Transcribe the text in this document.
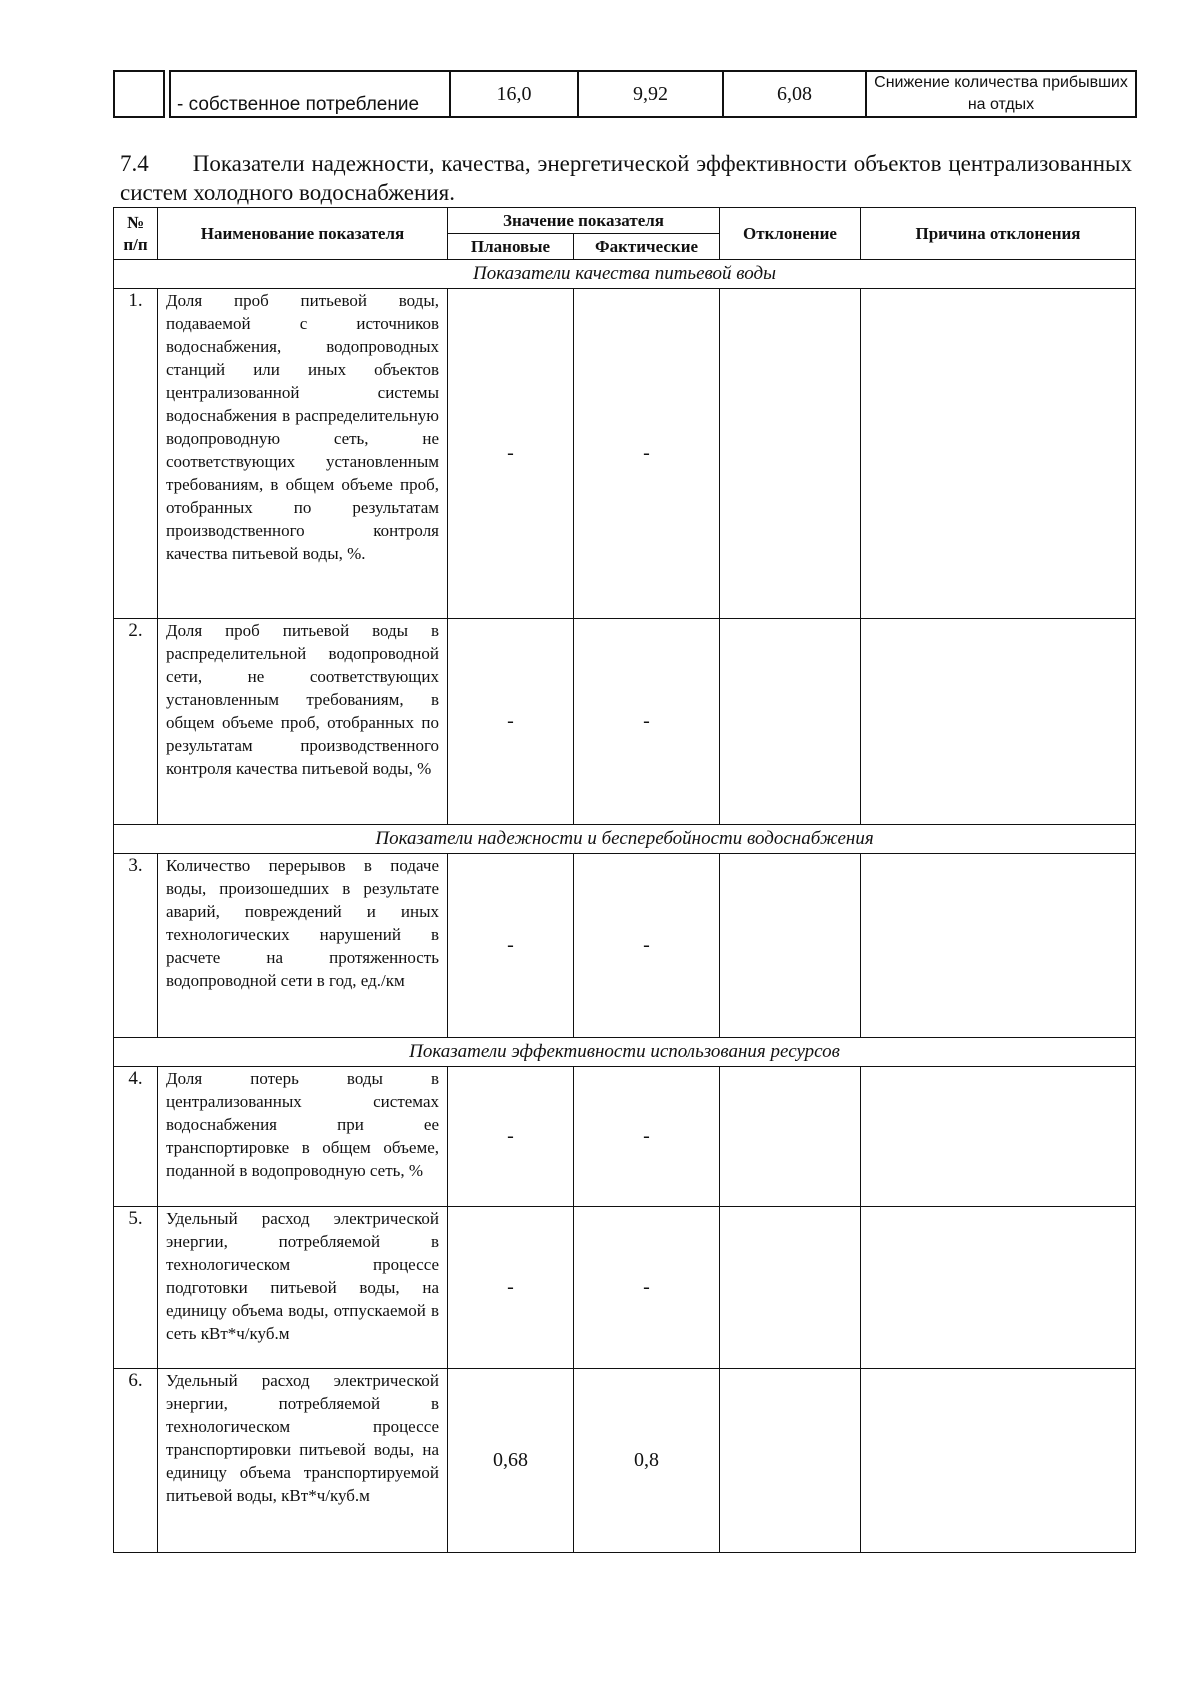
		- собственное потребление	16,0	9,92	6,08	Снижение количества прибывших на отдых
7.4 Показатели надежности, качества, энергетической эффективности объектов централизованных систем холодного водоснабжения.
№ п/п	Наименование показателя	Значение показателя		Отклонение	Причина отклонения
		Плановые	Фактические		
Показатели качества питьевой воды					
1.	Доля проб питьевой воды, подаваемой с источников водоснабжения, водопроводных станций или иных объектов централизованной системы водоснабжения в распределительную водопроводную сеть, не соответствующих установленным требованиям, в общем объеме проб, отобранных по результатам производственного контроля качества питьевой воды, %.	-	-		
2.	Доля проб питьевой воды в распределительной водопроводной сети, не соответствующих установленным требованиям, в общем объеме проб, отобранных по результатам производственного контроля качества питьевой воды, %	-	-		
Показатели надежности и бесперебойности водоснабжения					
3.	Количество перерывов в подаче воды, произошедших в результате аварий, повреждений и иных технологических нарушений в расчете на протяженность водопроводной сети в год, ед./км	-	-		
Показатели эффективности использования ресурсов					
4.	Доля потерь воды в централизованных системах водоснабжения при ее транспортировке в общем объеме, поданной в водопроводную сеть, %	-	-		
5.	Удельный расход электрической энергии, потребляемой в технологическом процессе подготовки питьевой воды, на единицу объема воды, отпускаемой в сеть кВт*ч/куб.м	-	-		
6.	Удельный расход электрической энергии, потребляемой в технологическом процессе транспортировки питьевой воды, на единицу объема транспортируемой питьевой воды, кВт*ч/куб.м	0,68	0,8		
